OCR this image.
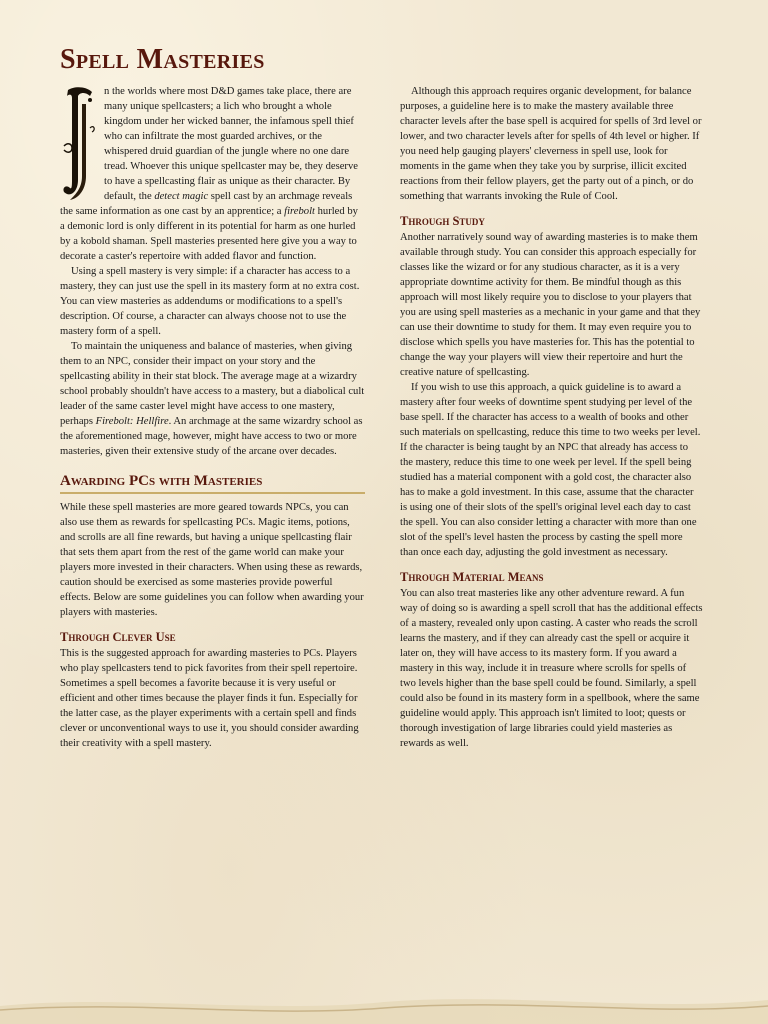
Spell Masteries

n the worlds where most D&D games take place, there are many unique spellcasters; a lich who brought a whole kingdom under her wicked banner, the infamous spell thief who can infiltrate the most guarded archives, or the whispered druid guardian of the jungle where no one dare tread. Whoever this unique spellcaster may be, they deserve to have a spellcasting flair as unique as their character. By default, the detect magic spell cast by an archmage reveals the same information as one cast by an apprentice; a firebolt hurled by a demonic lord is only different in its potential for harm as one hurled by a kobold shaman. Spell masteries presented here give you a way to decorate a caster's repertoire with added flavor and function.

Using a spell mastery is very simple: if a character has access to a mastery, they can just use the spell in its mastery form at no extra cost. You can view masteries as addendums or modifications to a spell's description. Of course, a character can always choose not to use the mastery form of a spell.

To maintain the uniqueness and balance of masteries, when giving them to an NPC, consider their impact on your story and the spellcasting ability in their stat block. The average mage at a wizardry school probably shouldn't have access to a mastery, but a diabolical cult leader of the same caster level might have access to one mastery, perhaps Firebolt: Hellfire. An archmage at the same wizardry school as the aforementioned mage, however, might have access to two or more masteries, given their extensive study of the arcane over decades.

Awarding PCs with Masteries

While these spell masteries are more geared towards NPCs, you can also use them as rewards for spellcasting PCs. Magic items, potions, and scrolls are all fine rewards, but having a unique spellcasting flair that sets them apart from the rest of the game world can make your players more invested in their characters. When using these as rewards, caution should be exercised as some masteries provide powerful effects. Below are some guidelines you can follow when awarding your players with masteries.

Through Clever Use

This is the suggested approach for awarding masteries to PCs. Players who play spellcasters tend to pick favorites from their spell repertoire. Sometimes a spell becomes a favorite because it is very useful or efficient and other times because the player finds it fun. Especially for the latter case, as the player experiments with a certain spell and finds clever or unconventional ways to use it, you should consider awarding their creativity with a spell mastery.

Although this approach requires organic development, for balance purposes, a guideline here is to make the mastery available three character levels after the base spell is acquired for spells of 3rd level or lower, and two character levels after for spells of 4th level or higher. If you need help gauging players' cleverness in spell use, look for moments in the game when they take you by surprise, illicit excited reactions from their fellow players, get the party out of a pinch, or do something that warrants invoking the Rule of Cool.

Through Study

Another narratively sound way of awarding masteries is to make them available through study. You can consider this approach especially for classes like the wizard or for any studious character, as it is a very appropriate downtime activity for them. Be mindful though as this approach will most likely require you to disclose to your players that you are using spell masteries as a mechanic in your game and that they can use their downtime to study for them. It may even require you to disclose which spells you have masteries for. This has the potential to change the way your players will view their repertoire and hurt the creative nature of spellcasting.

If you wish to use this approach, a quick guideline is to award a mastery after four weeks of downtime spent studying per level of the base spell. If the character has access to a wealth of books and other such materials on spellcasting, reduce this time to two weeks per level. If the character is being taught by an NPC that already has access to the mastery, reduce this time to one week per level. If the spell being studied has a material component with a gold cost, the character also has to make a gold investment. In this case, assume that the character is using one of their slots of the spell's original level each day to cast the spell. You can also consider letting a character with more than one slot of the spell's level hasten the process by casting the spell more than once each day, adjusting the gold investment as necessary.

Through Material Means

You can also treat masteries like any other adventure reward. A fun way of doing so is awarding a spell scroll that has the additional effects of a mastery, revealed only upon casting. A caster who reads the scroll learns the mastery, and if they can already cast the spell or acquire it later on, they will have access to its mastery form. If you award a mastery in this way, include it in treasure where scrolls for spells of two levels higher than the base spell could be found. Similarly, a spell could also be found in its mastery form in a spellbook, where the same guideline would apply. This approach isn't limited to loot; quests or thorough investigation of large libraries could yield masteries as rewards as well.
